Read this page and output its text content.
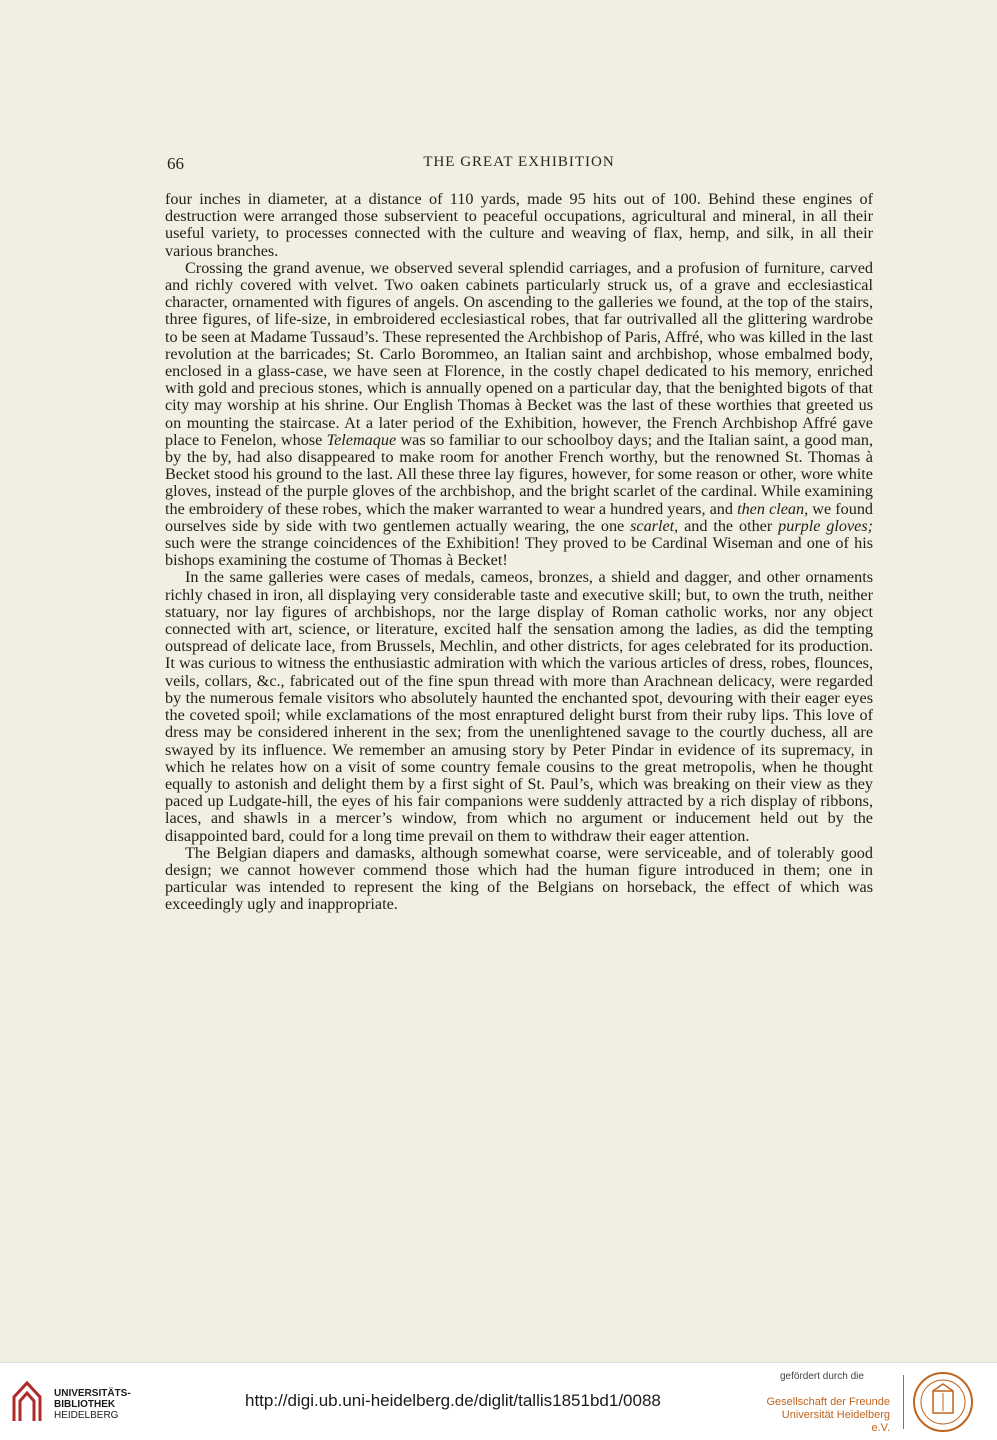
66	THE GREAT EXHIBITION

four inches in diameter, at a distance of 110 yards, made 95 hits out of 100. Behind these engines of destruction were arranged those subservient to peaceful occupations, agricultural and mineral, in all their useful variety, to processes connected with the culture and weaving of flax, hemp, and silk, in all their various branches.

Crossing the grand avenue, we observed several splendid carriages, and a profusion of furniture, carved and richly covered with velvet. Two oaken cabinets particularly struck us, of a grave and ecclesiastical character, ornamented with figures of angels. On ascending to the galleries we found, at the top of the stairs, three figures, of life-size, in embroidered ecclesiastical robes, that far outrivalled all the glittering wardrobe to be seen at Madame Tussaud’s. These represented the Archbishop of Paris, Affré, who was killed in the last revolution at the barricades; St. Carlo Borommeo, an Italian saint and archbishop, whose embalmed body, enclosed in a glass-case, we have seen at Florence, in the costly chapel dedicated to his memory, enriched with gold and precious stones, which is annually opened on a particular day, that the benighted bigots of that city may worship at his shrine. Our English Thomas à Becket was the last of these worthies that greeted us on mounting the staircase. At a later period of the Exhibition, however, the French Archbishop Affré gave place to Fenelon, whose Telemaque was so familiar to our schoolboy days; and the Italian saint, a good man, by the by, had also disappeared to make room for another French worthy, but the renowned St. Thomas à Becket stood his ground to the last. All these three lay figures, however, for some reason or other, wore white gloves, instead of the purple gloves of the archbishop, and the bright scarlet of the cardinal. While examining the embroidery of these robes, which the maker warranted to wear a hundred years, and then clean, we found ourselves side by side with two gentlemen actually wearing, the one scarlet, and the other purple gloves; such were the strange coincidences of the Exhibition! They proved to be Cardinal Wiseman and one of his bishops examining the costume of Thomas à Becket!

In the same galleries were cases of medals, cameos, bronzes, a shield and dagger, and other ornaments richly chased in iron, all displaying very considerable taste and executive skill; but, to own the truth, neither statuary, nor lay figures of archbishops, nor the large display of Roman catholic works, nor any object connected with art, science, or literature, excited half the sensation among the ladies, as did the tempting outspread of delicate lace, from Brussels, Mechlin, and other districts, for ages celebrated for its production. It was curious to witness the enthusiastic admiration with which the various articles of dress, robes, flounces, veils, collars, &c., fabricated out of the fine spun thread with more than Arachnean delicacy, were regarded by the numerous female visitors who absolutely haunted the enchanted spot, devouring with their eager eyes the coveted spoil; while exclamations of the most enraptured delight burst from their ruby lips. This love of dress may be considered inherent in the sex; from the unenlightened savage to the courtly duchess, all are swayed by its influence. We remember an amusing story by Peter Pindar in evidence of its supremacy, in which he relates how on a visit of some country female cousins to the great metropolis, when he thought equally to astonish and delight them by a first sight of St. Paul’s, which was breaking on their view as they paced up Ludgate-hill, the eyes of his fair companions were suddenly attracted by a rich display of ribbons, laces, and shawls in a mercer’s window, from which no argument or inducement held out by the disappointed bard, could for a long time prevail on them to withdraw their eager attention.

The Belgian diapers and damasks, although somewhat coarse, were serviceable, and of tolerably good design; we cannot however commend those which had the human figure introduced in them; one in particular was intended to represent the king of the Belgians on horseback, the effect of which was exceedingly ugly and inappropriate.

UNIVERSITÄTS-
BIBLIOTHEK
HEIDELBERG
http://digi.ub.uni-heidelberg.de/diglit/tallis1851bd1/0088
gefördert durch die
Gesellschaft der Freunde
Universität Heidelberg e.V.
